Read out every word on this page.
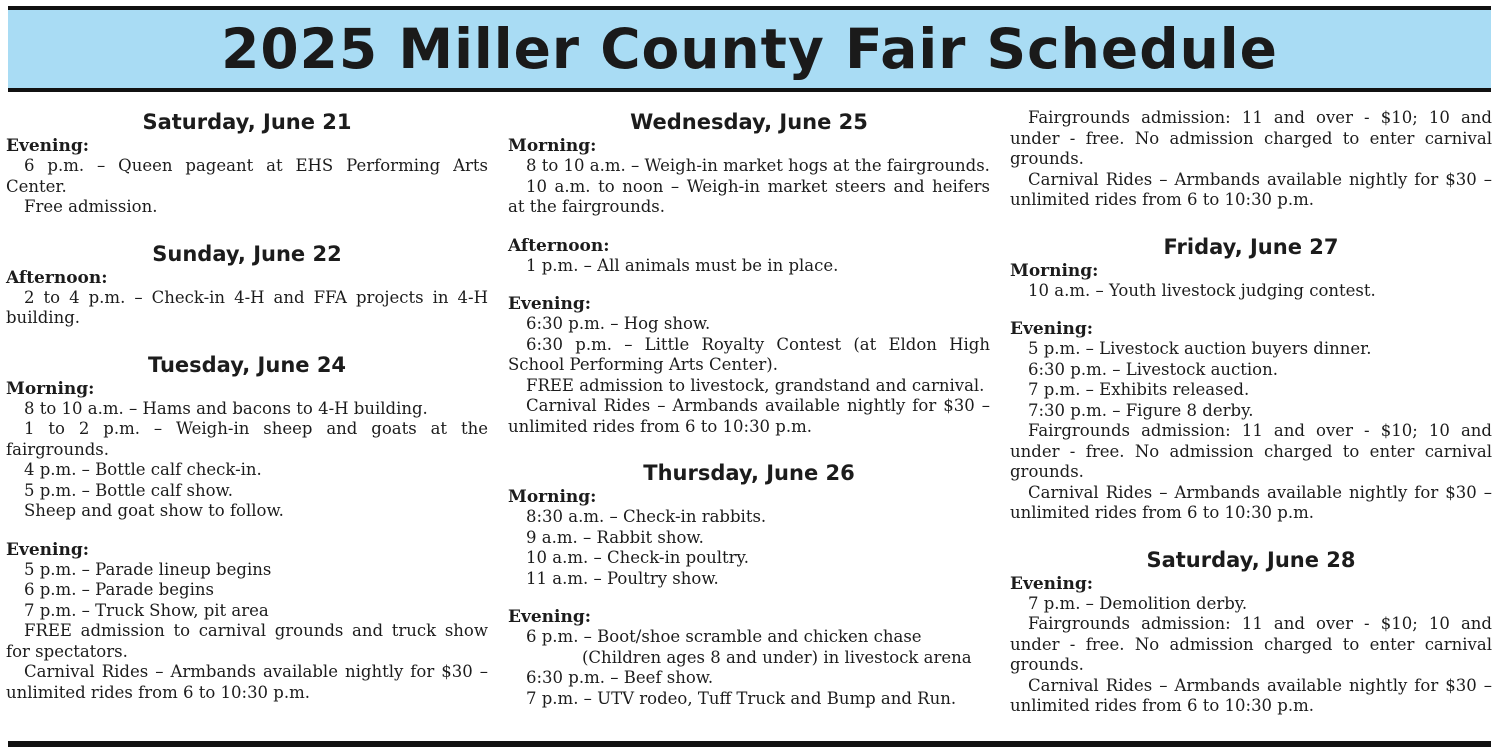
2025 Miller County Fair Schedule

Saturday, June 21

Evening:

6 p.m. – Queen pageant at EHS Performing Arts Center.

Free admission.

Sunday, June 22

Afternoon:

2 to 4 p.m. – Check-in 4-H and FFA projects in 4-H building.

Tuesday, June 24

Morning:

8 to 10 a.m. – Hams and bacons to 4-H building.

1 to 2 p.m. – Weigh-in sheep and goats at the fairgrounds.

4 p.m. – Bottle calf check-in.

5 p.m. – Bottle calf show.

Sheep and goat show to follow.

Evening:

5 p.m. – Parade lineup begins

6 p.m. – Parade begins

7 p.m. – Truck Show, pit area

FREE admission to carnival grounds and truck show for spectators.

Carnival Rides – Armbands available nightly for $30 – unlimited rides from 6 to 10:30 p.m.

Wednesday, June 25

Morning:

8 to 10 a.m. – Weigh-in market hogs at the fairgrounds.

10 a.m. to noon – Weigh-in market steers and heifers at the fairgrounds.

Afternoon:

1 p.m. – All animals must be in place.

Evening:

6:30 p.m. – Hog show.

6:30 p.m. – Little Royalty Contest (at Eldon High School Performing Arts Center).

FREE admission to livestock, grandstand and carnival.

Carnival Rides – Armbands available nightly for $30 – unlimited rides from 6 to 10:30 p.m.

Thursday, June 26

Morning:

8:30 a.m. – Check-in rabbits.

9 a.m. – Rabbit show.

10 a.m. – Check-in poultry.

11 a.m. – Poultry show.

Evening:

6 p.m. – Boot/shoe scramble and chicken chase

(Children ages 8 and under) in livestock arena

6:30 p.m. – Beef show.

7 p.m. – UTV rodeo, Tuff Truck and Bump and Run.

Fairgrounds admission: 11 and over - $10; 10 and under - free. No admission charged to enter carnival grounds.

Carnival Rides – Armbands available nightly for $30 – unlimited rides from 6 to 10:30 p.m.

Friday, June 27

Morning:

10 a.m. – Youth livestock judging contest.

Evening:

5 p.m. – Livestock auction buyers dinner.

6:30 p.m. – Livestock auction.

7 p.m. – Exhibits released.

7:30 p.m. – Figure 8 derby.

Fairgrounds admission: 11 and over - $10; 10 and under - free. No admission charged to enter carnival grounds.

Carnival Rides – Armbands available nightly for $30 – unlimited rides from 6 to 10:30 p.m.

Saturday, June 28

Evening:

7 p.m. – Demolition derby.

Fairgrounds admission: 11 and over - $10; 10 and under - free. No admission charged to enter carnival grounds.

Carnival Rides – Armbands available nightly for $30 – unlimited rides from 6 to 10:30 p.m.
